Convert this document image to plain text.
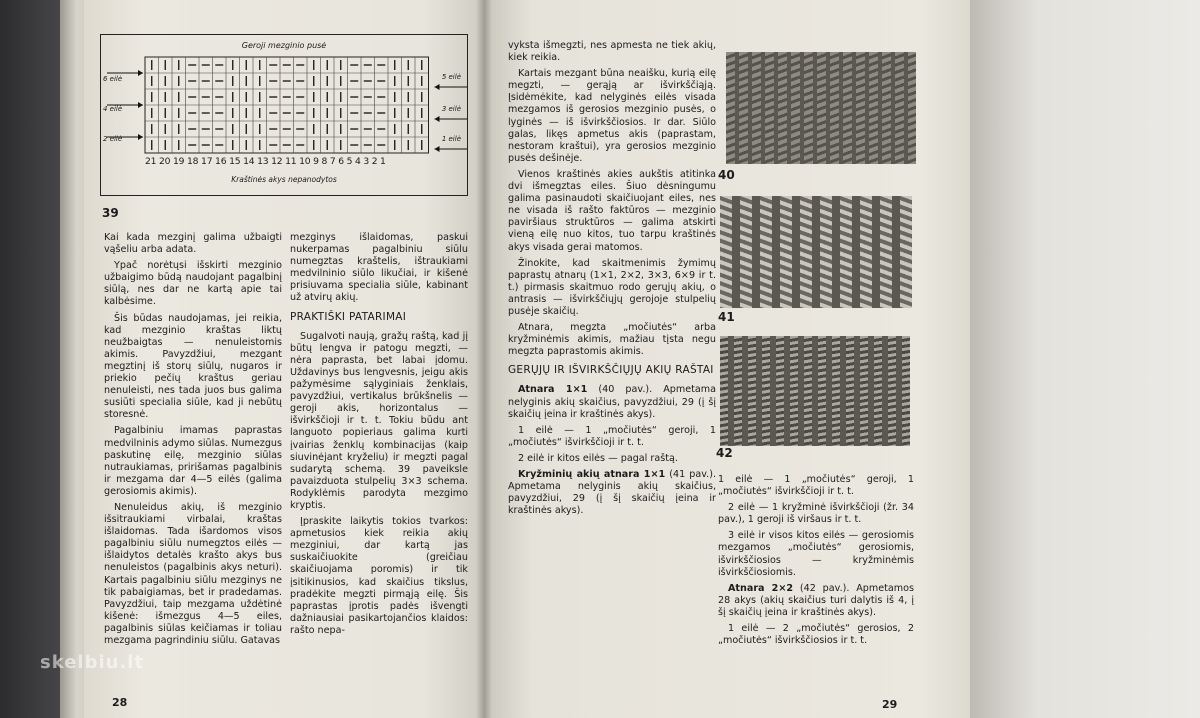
Geroji mezginio pusė
6 eilė
4 eilė
2 eilė
5 eilė
3 eilė
1 eilė
21 20 19 18 17 16 15 14 13 12 11 10 9 8 7 6 5 4 3 2 1
Kraštinės akys nepanodytos
39

Kai kada mezginį galima užbaigti vąšeliu arba adata.

Ypač norėtųsi išskirti mezginio užbaigimo būdą naudojant pagalbinį siūlą, nes dar ne kartą apie tai kalbėsime.

Šis būdas naudojamas, jei reikia, kad mezginio kraštas liktų neužbaigtas — nenuleistomis akimis. Pavyzdžiui, mezgant megztinį iš storų siūlų, nugaros ir priekio pečių kraštus geriau nenuleisti, nes tada juos bus galima susiūti specialia siūle, kad ji nebūtų storesnė.

Pagalbiniu imamas paprastas medvilninis adymo siūlas. Numezgus paskutinę eilę, mezginio siūlas nutraukiamas, pririšamas pagalbinis ir mezgama dar 4—5 eilės (galima gerosiomis akimis).

Nenuleidus akių, iš mezginio išsitraukiami virbalai, kraštas išlaidomas. Tada išardomos visos pagalbiniu siūlu numegztos eilės — išlaidytos detalės krašto akys bus nenuleistos (pagalbinis akys neturi). Kartais pagalbiniu siūlu mezginys ne tik pabaigiamas, bet ir pradedamas. Pavyzdžiui, taip mezgama uždėtinė kišenė: išmezgus 4—5 eiles, pagalbinis siūlas keičiamas ir toliau mezgama pagrindiniu siūlu. Gatavas

mezginys išlaidomas, paskui nukerpamas pagalbiniu siūlu numegztas kraštelis, ištraukiami medvilninio siūlo likučiai, ir kišenė prisiuvama specialia siūle, kabinant už atvirų akių.

PRAKTIŠKI PATARIMAI

Sugalvoti naują, gražų raštą, kad jį būtų lengva ir patogu megzti, — nėra paprasta, bet labai įdomu. Uždavinys bus lengvesnis, jeigu akis pažymėsime sąlyginiais ženklais, pavyzdžiui, vertikalus brūkšnelis — geroji akis, horizontalus — išvirkščioji ir t. t. Tokiu būdu ant languoto popieriaus galima kurti įvairias ženklų kombinacijas (kaip siuvinėjant kryželiu) ir megzti pagal sudarytą schemą. 39 paveiksle pavaizduota stulpelių 3×3 schema. Rodyklėmis parodyta mezgimo kryptis.

Įpraskite laikytis tokios tvarkos: apmetusios kiek reikia akių mezginiui, dar kartą jas suskaičiuokite (greičiau skaičiuojama poromis) ir tik įsitikinusios, kad skaičius tikslus, pradėkite megzti pirmąją eilę. Šis paprastas įprotis padės išvengti dažniausiai pasikartojančios klaidos: rašto nepa-

28
skelbiu.lt

vyksta išmegzti, nes apmesta ne tiek akių, kiek reikia.

Kartais mezgant būna neaišku, kurią eilę megzti, — gerąją ar išvirkščiąją. Įsidėmėkite, kad nelyginės eilės visada mezgamos iš gerosios mezginio pusės, o lyginės — iš išvirkščiosios. Ir dar. Siūlo galas, likęs apmetus akis (paprastam, nestoram kraštui), yra gerosios mezginio pusės dešinėje.

Vienos kraštinės akies aukštis atitinka dvi išmegztas eiles. Šiuo dėsningumu galima pasinaudoti skaičiuojant eiles, nes ne visada iš rašto faktūros — mezginio paviršiaus struktūros — galima atskirti vieną eilę nuo kitos, tuo tarpu kraštinės akys visada gerai matomos.

Žinokite, kad skaitmenimis žymimų paprastų atnarų (1×1, 2×2, 3×3, 6×9 ir t. t.) pirmasis skaitmuo rodo gerųjų akių, o antrasis — išvirkščiųjų gerojoje stulpelių pusėje skaičių.

Atnara, megzta „močiutės“ arba kryžminėmis akimis, mažiau tįsta negu megzta paprastomis akimis.

GERŲJŲ IR IŠVIRKŠČIŲJŲ AKIŲ RAŠTAI

Atnara 1×1 (40 pav.). Apmetama nelyginis akių skaičius, pavyzdžiui, 29 (į šį skaičių įeina ir kraštinės akys).

1 eilė — 1 „močiutės“ geroji, 1 „močiutės“ išvirkščioji ir t. t.

2 eilė ir kitos eilės — pagal raštą.

Kryžminių akių atnara 1×1 (41 pav.). Apmetama nelyginis akių skaičius, pavyzdžiui, 29 (į šį skaičių įeina ir kraštinės akys).

40
41
42

1 eilė — 1 „močiutės“ geroji, 1 „močiutės“ išvirkščioji ir t. t.

2 eilė — 1 kryžminė išvirkščioji (žr. 34 pav.), 1 geroji iš viršaus ir t. t.

3 eilė ir visos kitos eilės — gerosiomis mezgamos „močiutės“ gerosiomis, išvirkščiosios — kryžminėmis išvirkščiosiomis.

Atnara 2×2 (42 pav.). Apmetamos 28 akys (akių skaičius turi dalytis iš 4, į šį skaičių įeina ir kraštinės akys).

1 eilė — 2 „močiutės“ gerosios, 2 „močiutės“ išvirkščiosios ir t. t.

29
